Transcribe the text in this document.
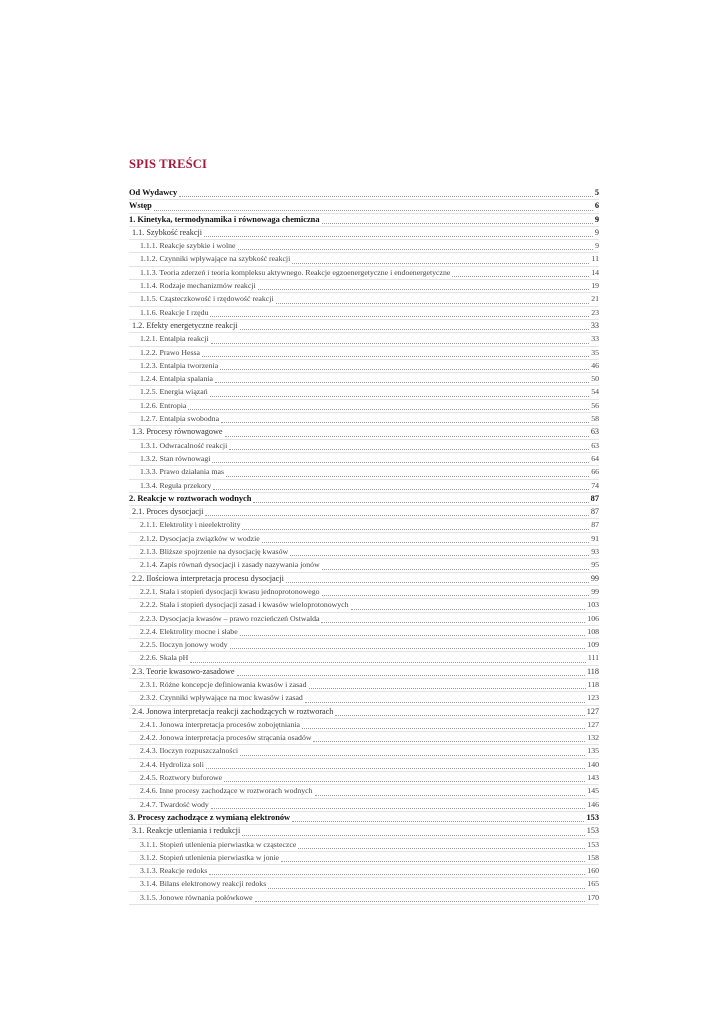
SPIS TREŚCI
Od Wydawcy	5
Wstęp	6
1. Kinetyka, termodynamika i równowaga chemiczna	9
1.1. Szybkość reakcji	9
1.1.1. Reakcje szybkie i wolne	9
1.1.2. Czynniki wpływające na szybkość reakcji	11
1.1.3. Teoria zderzeń i teoria kompleksu aktywnego. Reakcje egzoenergetyczne i endoenergetyczne	14
1.1.4. Rodzaje mechanizmów reakcji	19
1.1.5. Cząsteczkowość i rzędowość reakcji	21
1.1.6. Reakcje I rzędu	23
1.2. Efekty energetyczne reakcji	33
1.2.1. Entalpia reakcji	33
1.2.2. Prawo Hessa	35
1.2.3. Entalpia tworzenia	46
1.2.4. Entalpia spalania	50
1.2.5. Energia wiązań	54
1.2.6. Entropia	56
1.2.7. Entalpia swobodna	58
1.3. Procesy równowagowe	63
1.3.1. Odwracalność reakcji	63
1.3.2. Stan równowagi	64
1.3.3. Prawo działania mas	66
1.3.4. Reguła przekory	74
2. Reakcje w roztworach wodnych	87
2.1. Proces dysocjacji	87
2.1.1. Elektrolity i nieelektrolity	87
2.1.2. Dysocjacja związków w wodzie	91
2.1.3. Bliższe spojrzenie na dysocjację kwasów	93
2.1.4. Zapis równań dysocjacji i zasady nazywania jonów	95
2.2. Ilościowa interpretacja procesu dysocjacji	99
2.2.1. Stała i stopień dysocjacji kwasu jednoprotonowego	99
2.2.2. Stała i stopień dysocjacji zasad i kwasów wieloprotonowych	103
2.2.3. Dysocjacja kwasów – prawo rozcieńczeń Ostwalda	106
2.2.4. Elektrolity mocne i słabe	108
2.2.5. Iloczyn jonowy wody	109
2.2.6. Skala pH	111
2.3. Teorie kwasowo-zasadowe	118
2.3.1. Różne koncepcje definiowania kwasów i zasad	118
2.3.2. Czynniki wpływające na moc kwasów i zasad	123
2.4. Jonowa interpretacja reakcji zachodzących w roztworach	127
2.4.1. Jonowa interpretacja procesów zobojętniania	127
2.4.2. Jonowa interpretacja procesów strącania osadów	132
2.4.3. Iloczyn rozpuszczalności	135
2.4.4. Hydroliza soli	140
2.4.5. Roztwory buforowe	143
2.4.6. Inne procesy zachodzące w roztworach wodnych	145
2.4.7. Twardość wody	146
3. Procesy zachodzące z wymianą elektronów	153
3.1. Reakcje utleniania i redukcji	153
3.1.1. Stopień utlenienia pierwiastka w cząsteczce	153
3.1.2. Stopień utlenienia pierwiastka w jonie	158
3.1.3. Reakcje redoks	160
3.1.4. Bilans elektronowy reakcji redoks	165
3.1.5. Jonowe równania połówkowe	170
